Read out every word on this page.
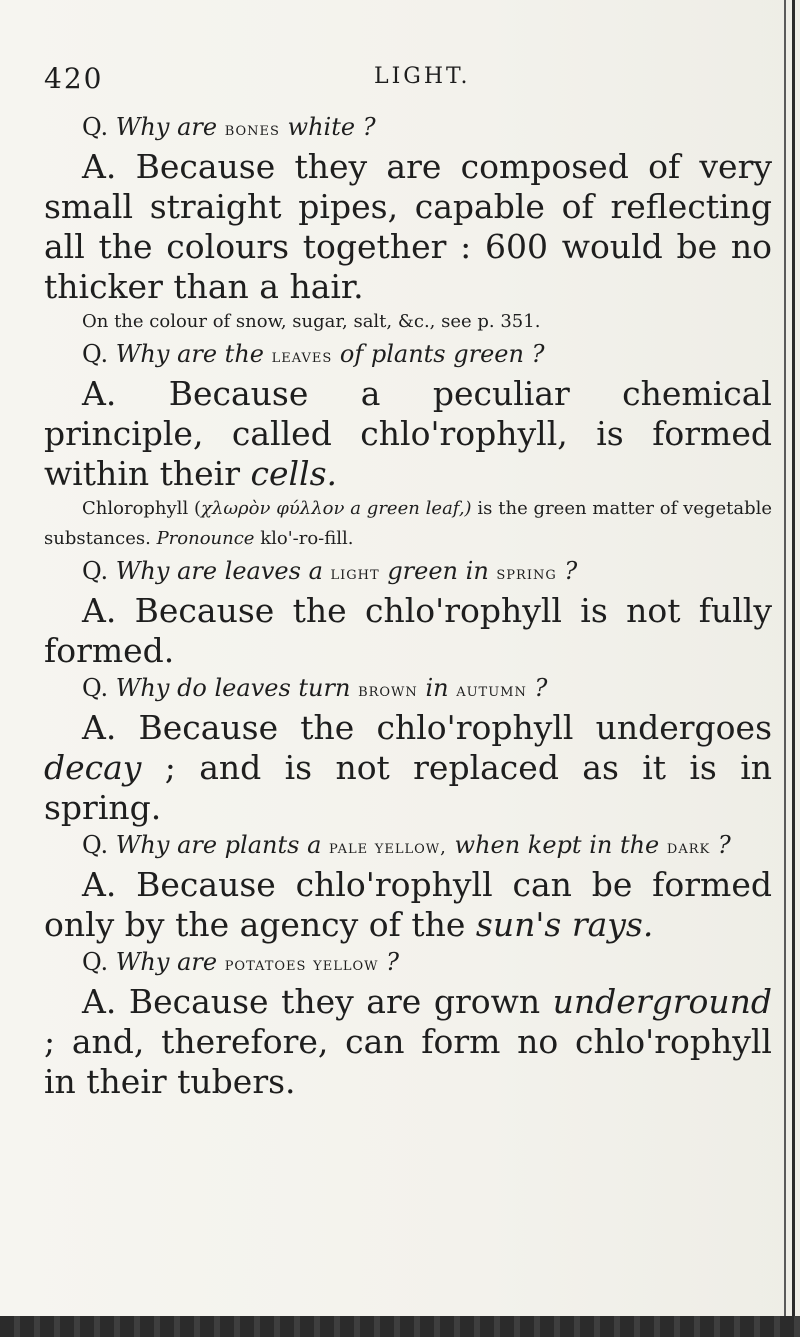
420	LIGHT.

Q. Why are bones white ?

A. Because they are composed of very small straight pipes, capable of reflecting all the colours together : 600 would be no thicker than a hair.

On the colour of snow, sugar, salt, &c., see p. 351.

Q. Why are the leaves of plants green ?

A. Because a peculiar chemical principle, called chlo'rophyll, is formed within their cells.

Chlorophyll (χλωρὸν φύλλον a green leaf,) is the green matter of vegetable substances. Pronounce klo'-ro-fill.

Q. Why are leaves a light green in spring ?

A. Because the chlo'rophyll is not fully formed.

Q. Why do leaves turn brown in autumn ?

A. Because the chlo'rophyll undergoes decay ; and is not replaced as it is in spring.

Q. Why are plants a pale yellow, when kept in the dark ?

A. Because chlo'rophyll can be formed only by the agency of the sun's rays.

Q. Why are potatoes yellow ?

A. Because they are grown underground ; and, therefore, can form no chlo'rophyll in their tubers.
